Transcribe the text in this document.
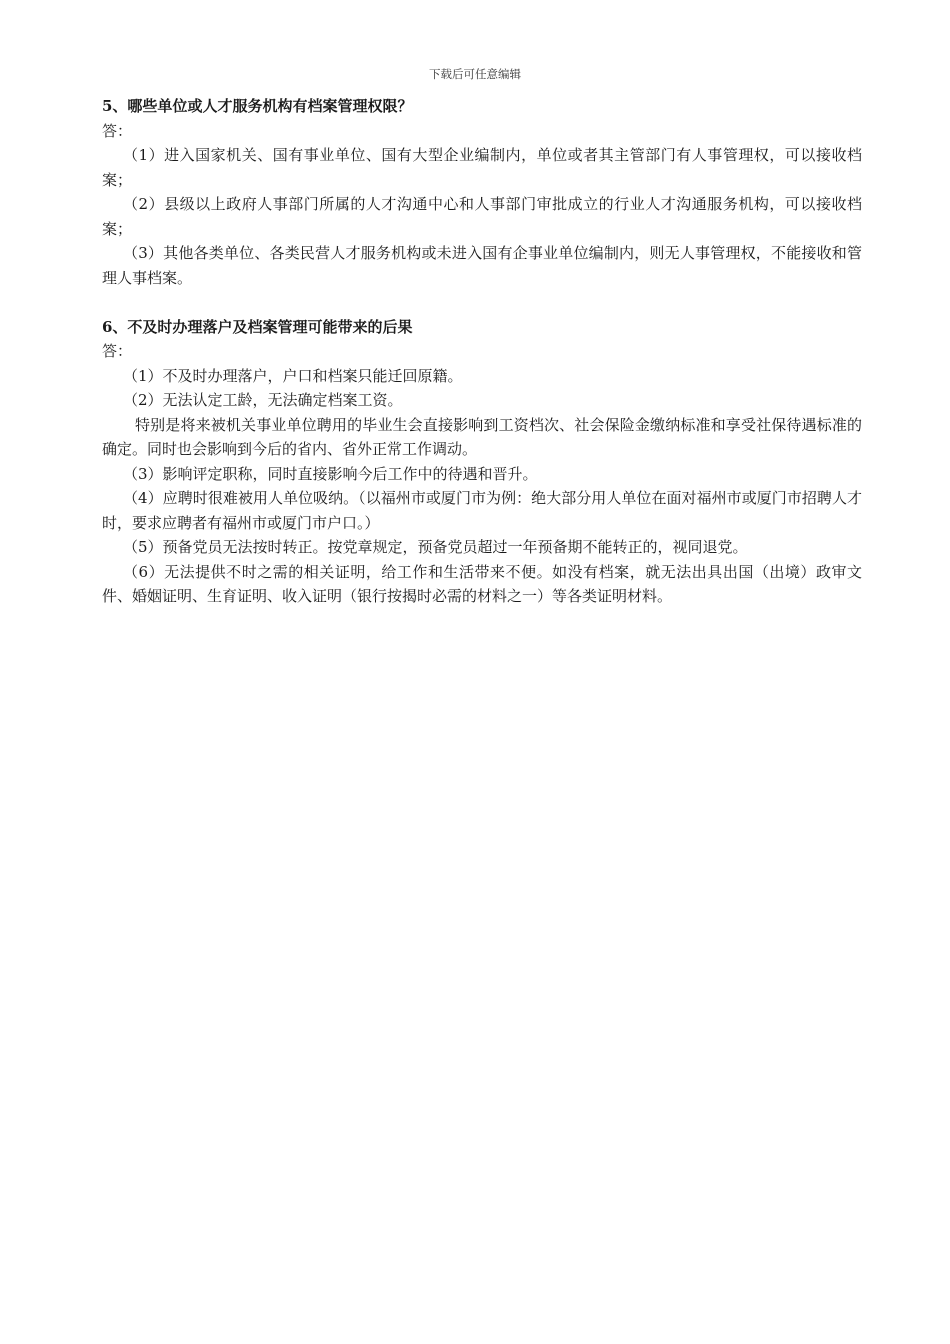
下载后可任意编辑
5、哪些单位或人才服务机构有档案管理权限？
答：
（1）进入国家机关、国有事业单位、国有大型企业编制内，单位或者其主管部门有人事管理权，可以接收档案；
（2）县级以上政府人事部门所属的人才沟通中心和人事部门审批成立的行业人才沟通服务机构，可以接收档案；
（3）其他各类单位、各类民营人才服务机构或未进入国有企事业单位编制内，则无人事管理权，不能接收和管理人事档案。
6、不及时办理落户及档案管理可能带来的后果
答：
（1）不及时办理落户，户口和档案只能迁回原籍。
（2）无法认定工龄，无法确定档案工资。
特别是将来被机关事业单位聘用的毕业生会直接影响到工资档次、社会保险金缴纳标准和享受社保待遇标准的确定。同时也会影响到今后的省内、省外正常工作调动。
（3）影响评定职称，同时直接影响今后工作中的待遇和晋升。
（4）应聘时很难被用人单位吸纳。（以福州市或厦门市为例：绝大部分用人单位在面对福州市或厦门市招聘人才时，要求应聘者有福州市或厦门市户口。）
（5）预备党员无法按时转正。按党章规定，预备党员超过一年预备期不能转正的，视同退党。
（6）无法提供不时之需的相关证明，给工作和生活带来不便。如没有档案，就无法出具出国（出境）政审文件、婚姻证明、生育证明、收入证明（银行按揭时必需的材料之一）等各类证明材料。
